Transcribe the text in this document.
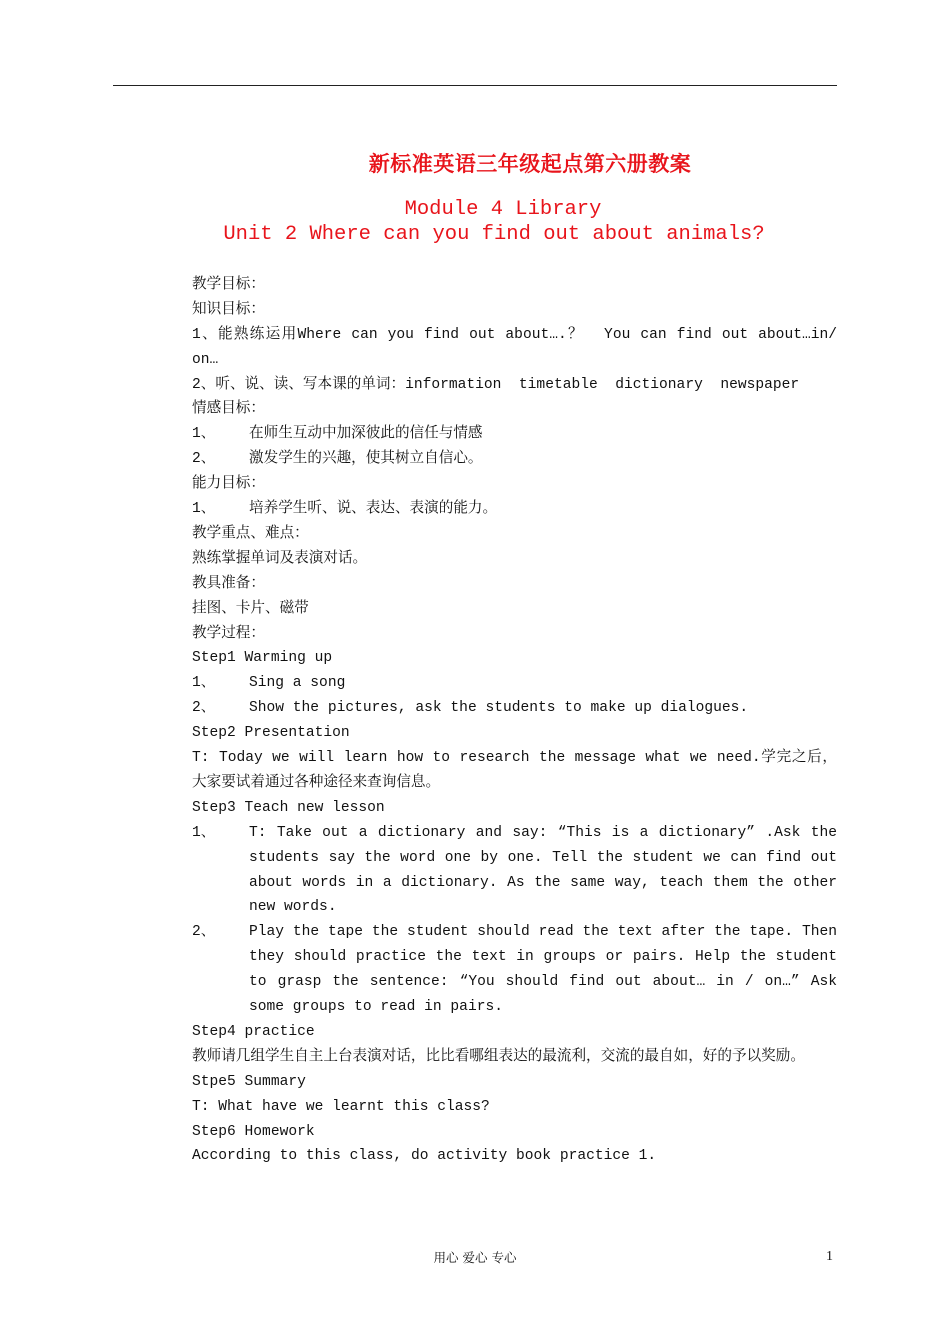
新标准英语三年级起点第六册教案
Module 4 Library
Unit 2 Where can you find out about animals?
教学目标：
知识目标：
1、能熟练运用Where can you find out about….？  You can find out about…in/
on…
2、听、说、读、写本课的单词：information  timetable  dictionary  newspaper
情感目标：
1、	在师生互动中加深彼此的信任与情感
2、	激发学生的兴趣，使其树立自信心。
能力目标：
1、	培养学生听、说、表达、表演的能力。
教学重点、难点：
熟练掌握单词及表演对话。
教具准备：
挂图、卡片、磁带
教学过程：
Step1 Warming up
1、	Sing a song
2、	Show the pictures, ask the students to make up dialogues.
Step2 Presentation
T: Today we will learn how to research the message what we need.学完之后，大家要试着通过各种途径来查询信息。
Step3 Teach new lesson
1、	T: Take out a dictionary and say: “This is a dictionary” .Ask the students say the word one by one. Tell the student we can find out about words in a dictionary. As the same way, teach them the other new words.
2、	Play the tape the student should read the text after the tape. Then they should practice the text in groups or pairs. Help the student to grasp the sentence: “You should find out about… in / on…” Ask some groups to read in pairs.
Step4 practice
教师请几组学生自主上台表演对话，比比看哪组表达的最流利，交流的最自如，好的予以奖励。
Stpe5 Summary
T: What have we learnt this class?
Step6 Homework
According to this class, do activity book practice 1.
用心 爱心 专心	1
